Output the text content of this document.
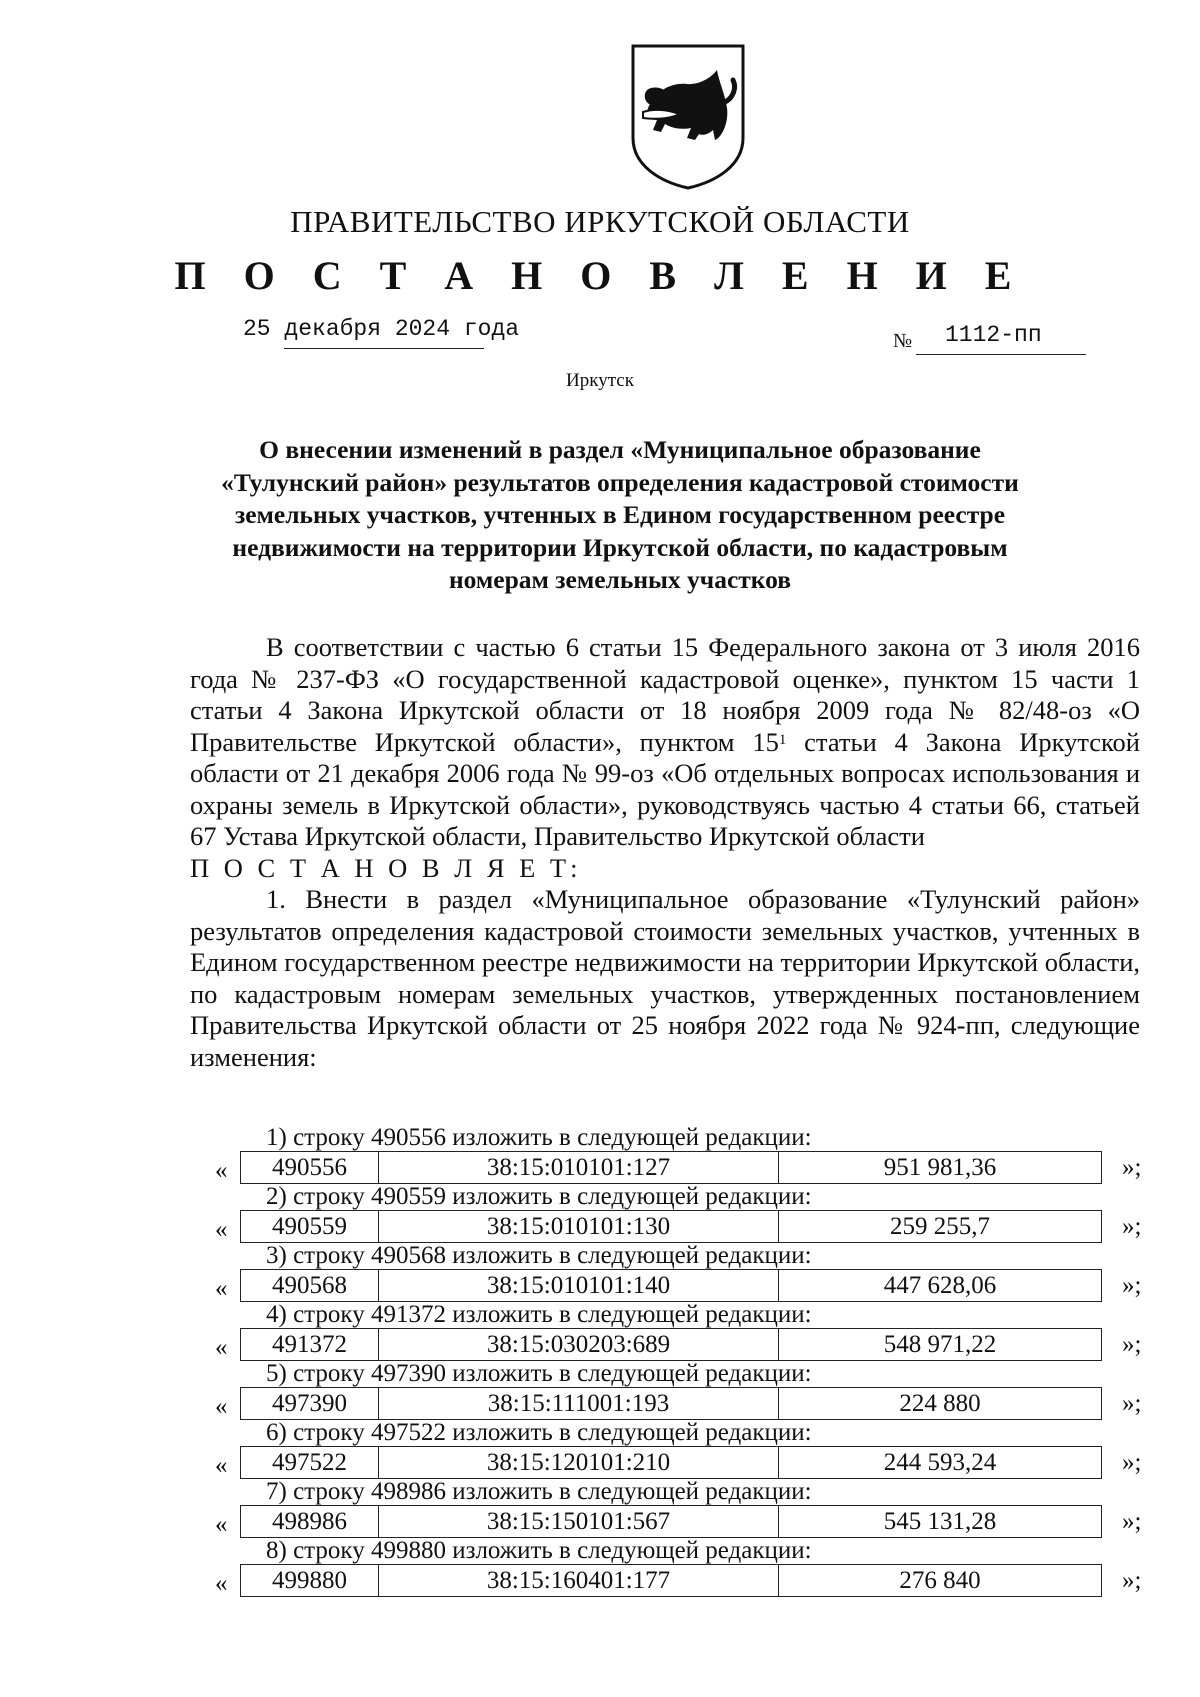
ПРАВИТЕЛЬСТВО ИРКУТСКОЙ ОБЛАСТИ
П О С Т А Н О В Л Е Н И Е
25 декабря 2024 года	№ 1112-пп
Иркутск
О внесении изменений в раздел «Муниципальное образование «Тулунский район» результатов определения кадастровой стоимости земельных участков, учтенных в Едином государственном реестре недвижимости на территории Иркутской области, по кадастровым номерам земельных участков

В соответствии с частью 6 статьи 15 Федерального закона от 3 июля 2016 года № 237-ФЗ «О государственной кадастровой оценке», пунктом 15 части 1 статьи 4 Закона Иркутской области от 18 ноября 2009 года № 82/48-оз «О Правительстве Иркутской области», пунктом $15^1$ статьи 4 Закона Иркутской области от 21 декабря 2006 года № 99-оз «Об отдельных вопросах использования и охраны земель в Иркутской области», руководствуясь частью 4 статьи 66, статьей 67 Устава Иркутской области, Правительство Иркутской области

П О С Т А Н О В Л Я Е Т:

1. Внести в раздел «Муниципальное образование «Тулунский район» результатов определения кадастровой стоимости земельных участков, учтенных в Едином государственном реестре недвижимости на территории Иркутской области, по кадастровым номерам земельных участков, утвержденных постановлением Правительства Иркутской области от 25 ноября 2022 года № 924-пп, следующие изменения:

1) строку 490556 изложить в следующей редакции:
«	490556	38:15:010101:127	951 981,36	»;
2) строку 490559 изложить в следующей редакции:
«	490559	38:15:010101:130	259 255,7	»;
3) строку 490568 изложить в следующей редакции:
«	490568	38:15:010101:140	447 628,06	»;
4) строку 491372 изложить в следующей редакции:
«	491372	38:15:030203:689	548 971,22	»;
5) строку 497390 изложить в следующей редакции:
«	497390	38:15:111001:193	224 880	»;
6) строку 497522 изложить в следующей редакции:
«	497522	38:15:120101:210	244 593,24	»;
7) строку 498986 изложить в следующей редакции:
«	498986	38:15:150101:567	545 131,28	»;
8) строку 499880 изложить в следующей редакции:
«	499880	38:15:160401:177	276 840	»;
